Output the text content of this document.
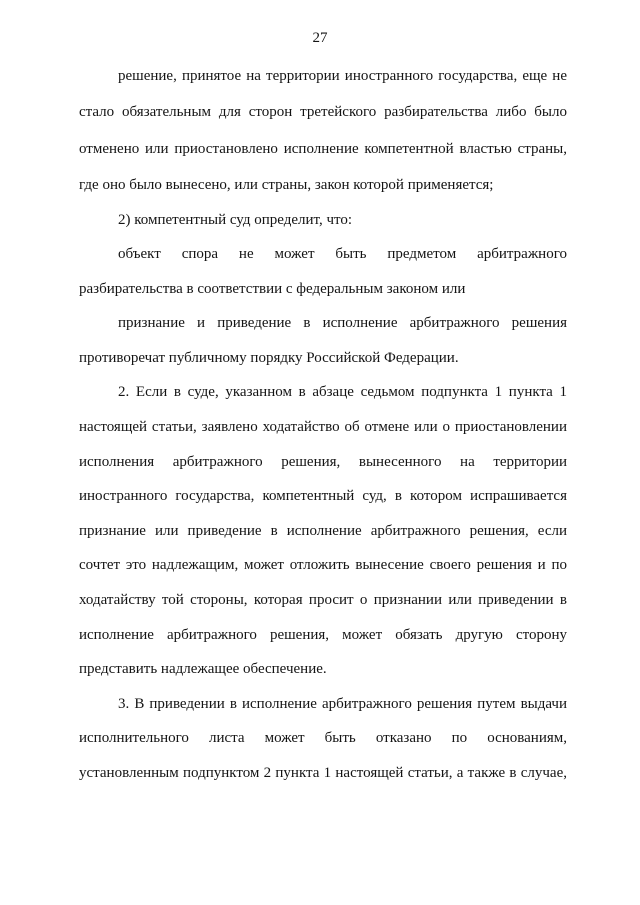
27
решение, принятое на территории иностранного государства, еще не
стало обязательным для сторон третейского разбирательства либо было
отменено или приостановлено исполнение компетентной властью страны,
где оно было вынесено, или страны, закон которой применяется;
2) компетентный суд определит, что:
объект спора не может быть предметом арбитражного
разбирательства в соответствии с федеральным законом или
признание и приведение в исполнение арбитражного решения
противоречат публичному порядку Российской Федерации.
2. Если в суде, указанном в абзаце седьмом подпункта 1 пункта 1
настоящей статьи, заявлено ходатайство об отмене или о приостановлении
исполнения арбитражного решения, вынесенного на территории
иностранного государства, компетентный суд, в котором испрашивается
признание или приведение в исполнение арбитражного решения, если
сочтет это надлежащим, может отложить вынесение своего решения и по
ходатайству той стороны, которая просит о признании или приведении в
исполнение арбитражного решения, может обязать другую сторону
представить надлежащее обеспечение.
3. В приведении в исполнение арбитражного решения путем выдачи
исполнительного листа может быть отказано по основаниям,
установленным подпунктом 2 пункта 1 настоящей статьи, а также в случае,
